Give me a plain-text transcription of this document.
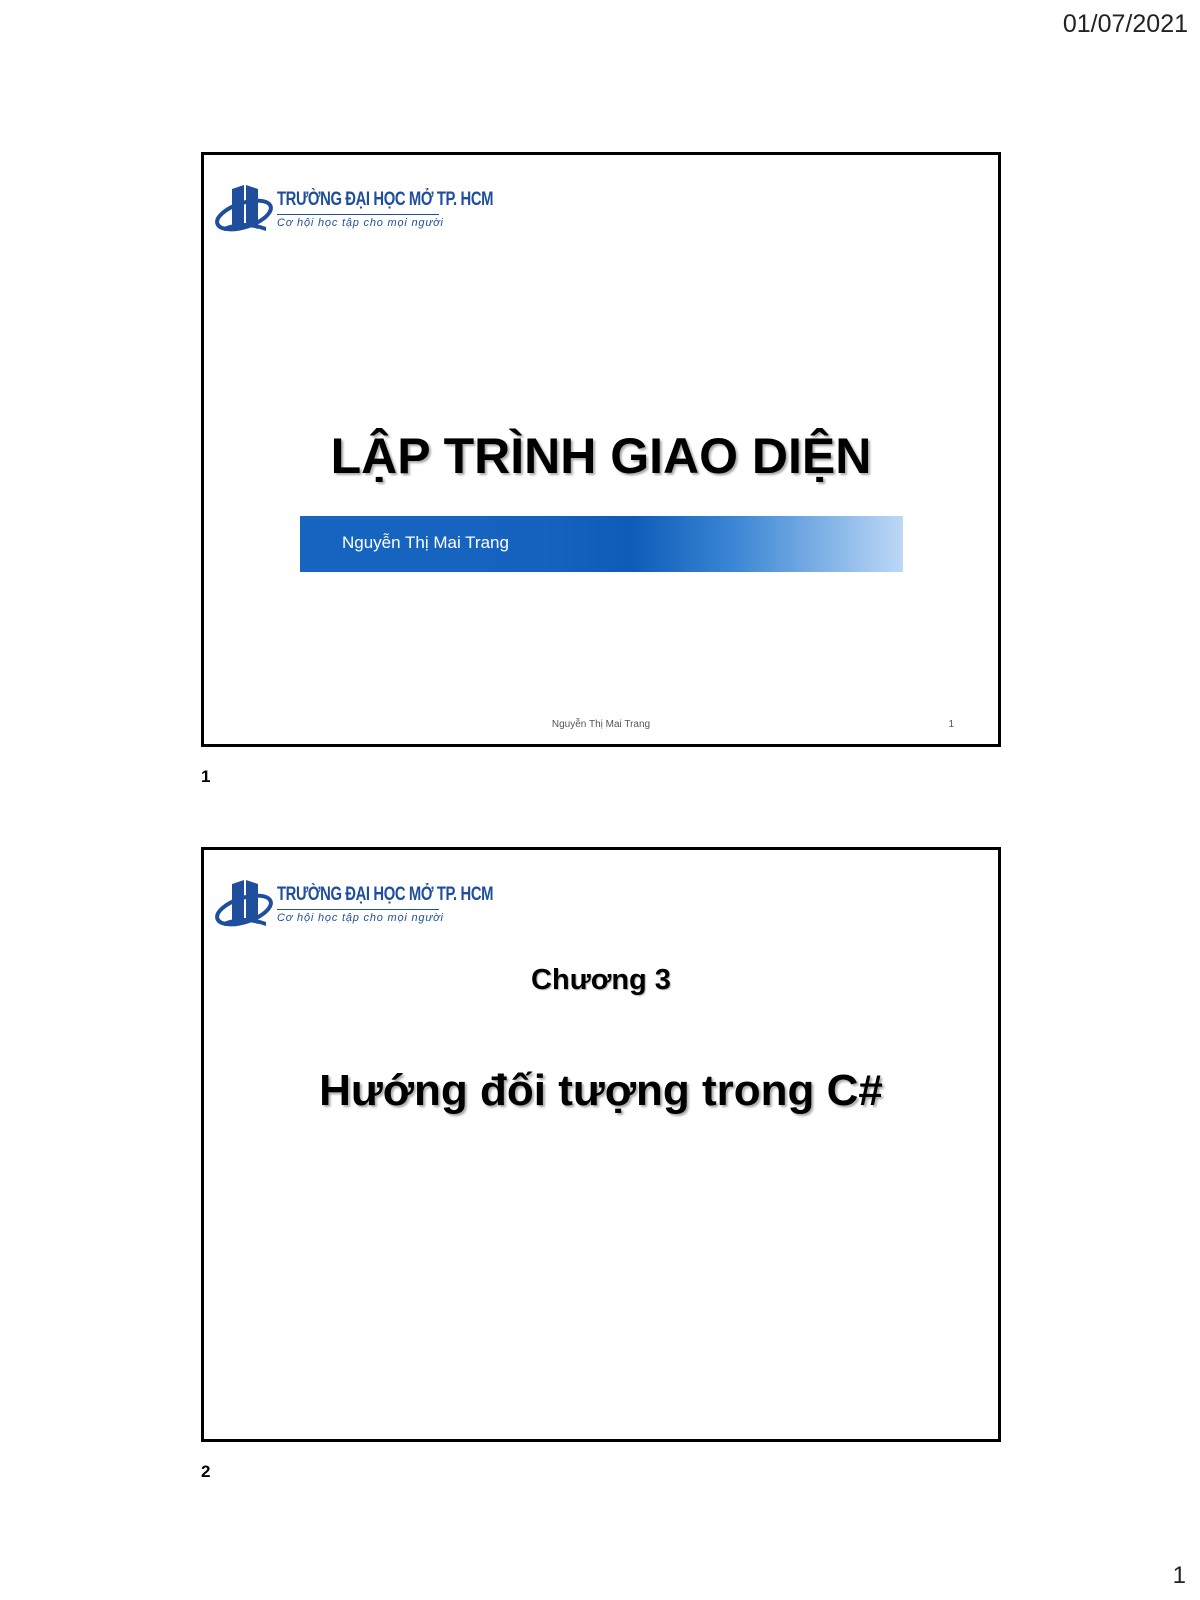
01/07/2021
TRƯỜNG ĐẠI HỌC MỞ TP. HCM
Cơ hội học tập cho mọi người
LẬP TRÌNH GIAO DIỆN
Nguyễn Thị Mai Trang
Nguyễn Thị Mai Trang	1
1
TRƯỜNG ĐẠI HỌC MỞ TP. HCM
Cơ hội học tập cho mọi người
Chương 3
Hướng đối tượng trong C#
2
1
